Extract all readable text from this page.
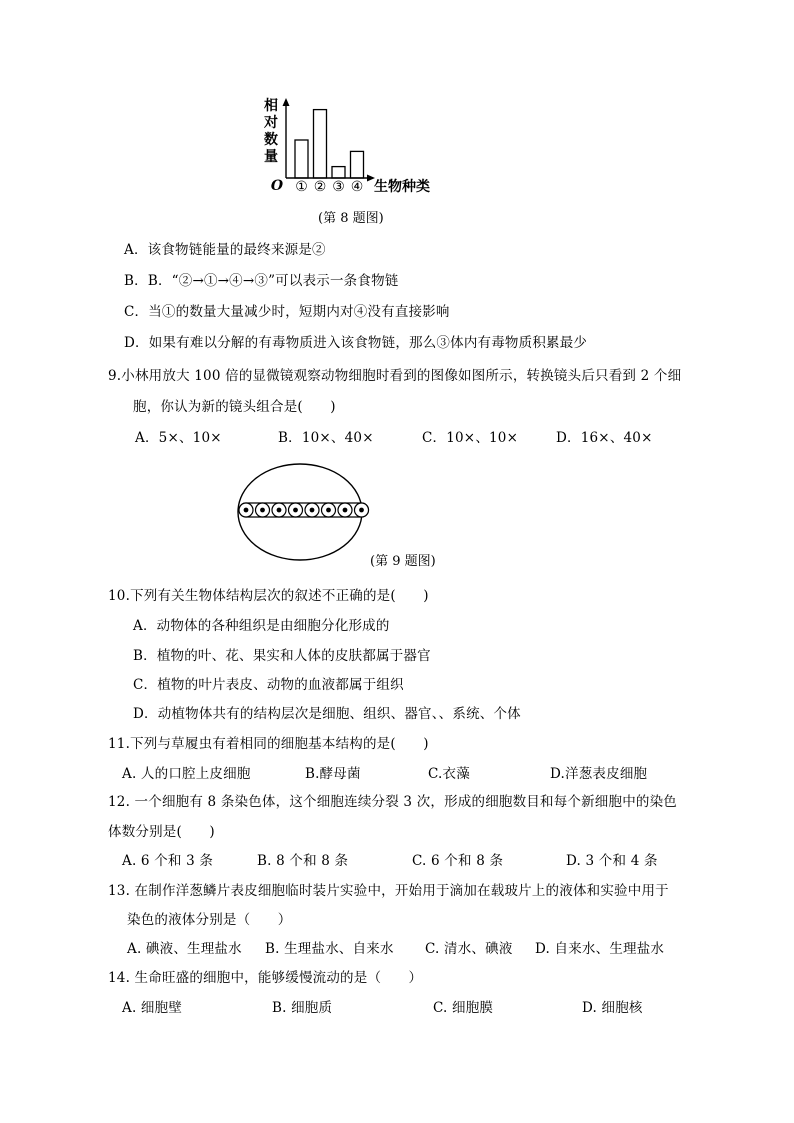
相
对
数
量
O ① ② ③ ④ 生物种类
(第 8 题图)
A．该食物链能量的最终来源是②
B．B．“②→①→④→③”可以表示一条食物链
C．当①的数量大量减少时，短期内对④没有直接影响
D．如果有难以分解的有毒物质进入该食物链，那么③体内有毒物质积累最少
9.小林用放大 100 倍的显微镜观察动物细胞时看到的图像如图所示，转换镜头后只看到 2 个细
胞，你认为新的镜头组合是(　　)
A．5×、10×	B．10×、40×	C．10×、10×	D．16×、40×
(第 9 题图)
10.下列有关生物体结构层次的叙述不正确的是(　　)
A．动物体的各种组织是由细胞分化形成的
B．植物的叶、花、果实和人体的皮肤都属于器官
C．植物的叶片表皮、动物的血液都属于组织
D．动植物体共有的结构层次是细胞、组织、器官、、系统、个体
11.下列与草履虫有着相同的细胞基本结构的是(　　)
A. 人的口腔上皮细胞	B.酵母菌	C.衣藻	D.洋葱表皮细胞
12. 一个细胞有 8 条染色体，这个细胞连续分裂 3 次，形成的细胞数目和每个新细胞中的染色
体数分别是(　　)
A. 6 个和 3 条	B. 8 个和 8 条	C. 6 个和 8 条	D. 3 个和 4 条
13. 在制作洋葱鳞片表皮细胞临时装片实验中，开始用于滴加在载玻片上的液体和实验中用于
染色的液体分别是（　　）
A. 碘液、生理盐水 B. 生理盐水、自来水 C. 清水、碘液 D. 自来水、生理盐水
14. 生命旺盛的细胞中，能够缓慢流动的是（　　）
A. 细胞壁	B. 细胞质	C. 细胞膜	D. 细胞核
